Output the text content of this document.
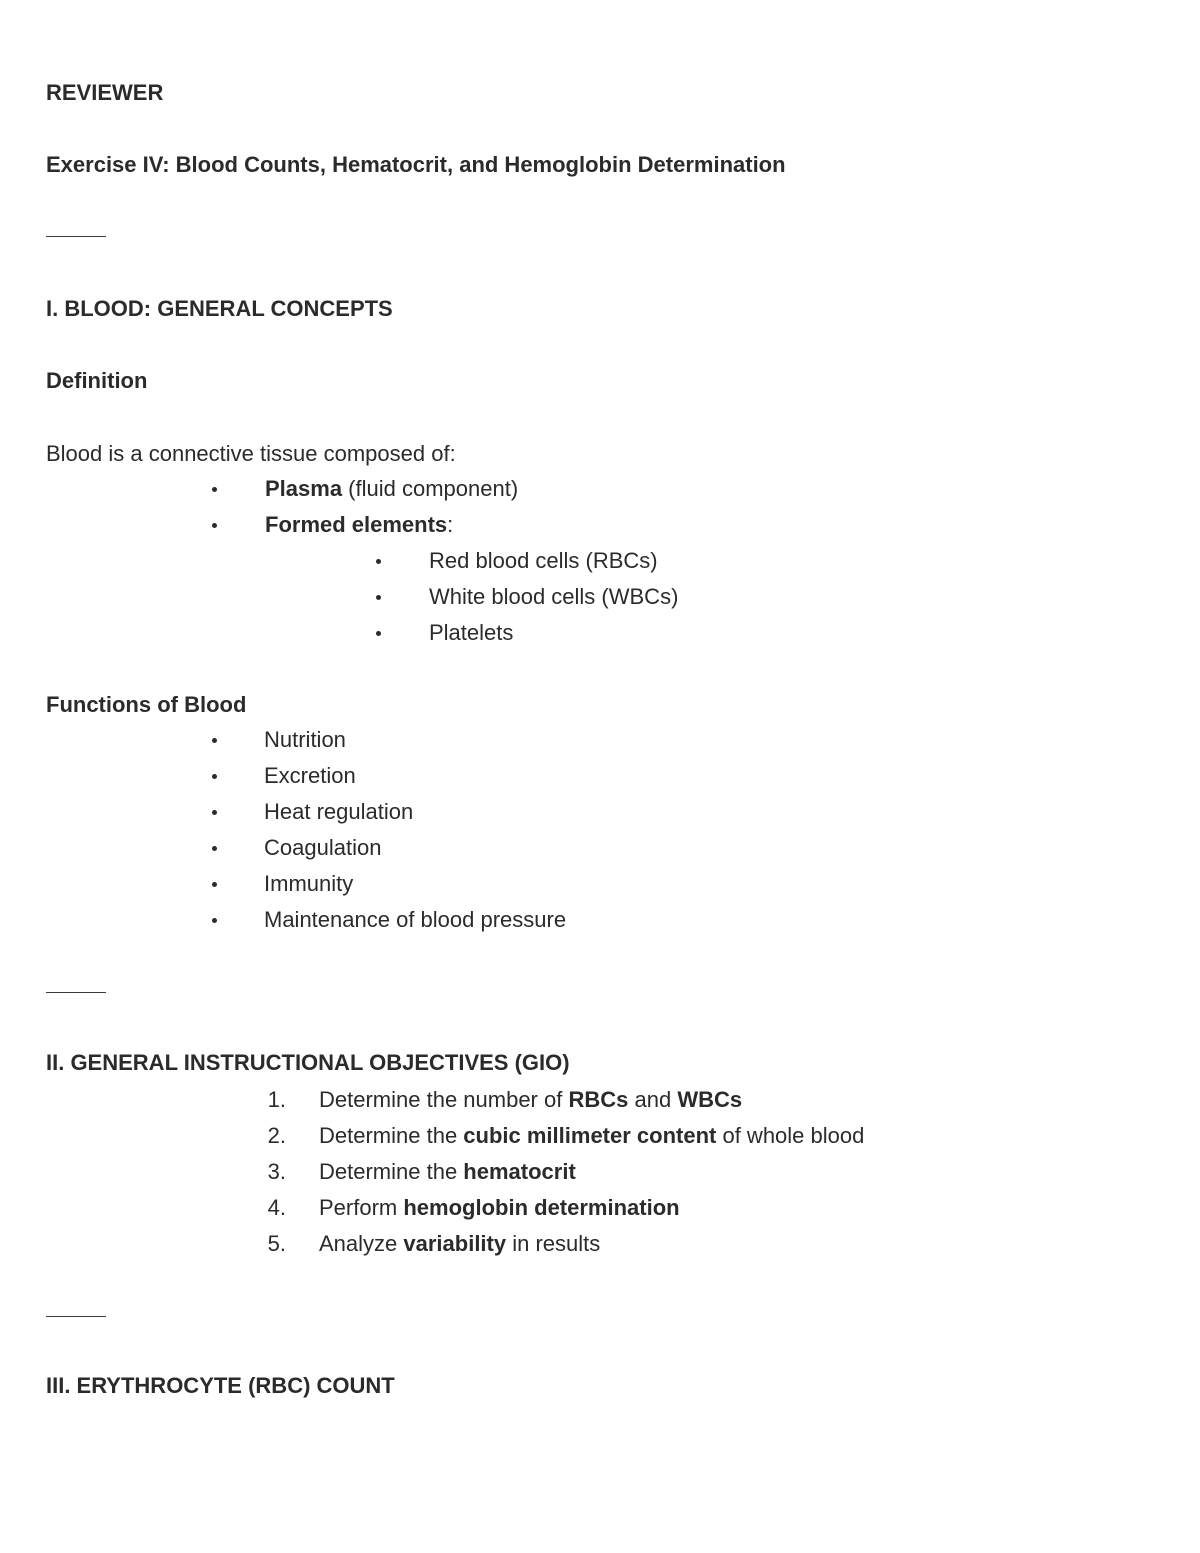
REVIEWER
Exercise IV: Blood Counts, Hematocrit, and Hemoglobin Determination
I. BLOOD: GENERAL CONCEPTS
Definition
Blood is a connective tissue composed of:
Plasma (fluid component)
Formed elements:
Red blood cells (RBCs)
White blood cells (WBCs)
Platelets
Functions of Blood
Nutrition
Excretion
Heat regulation
Coagulation
Immunity
Maintenance of blood pressure
II. GENERAL INSTRUCTIONAL OBJECTIVES (GIO)
1. Determine the number of RBCs and WBCs
2. Determine the cubic millimeter content of whole blood
3. Determine the hematocrit
4. Perform hemoglobin determination
5. Analyze variability in results
III. ERYTHROCYTE (RBC) COUNT
